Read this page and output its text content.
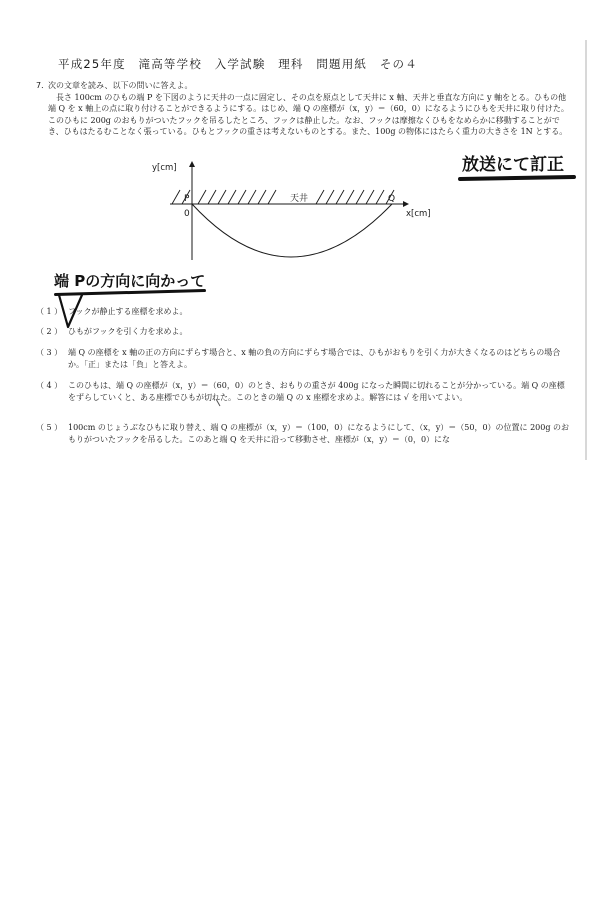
平成25年度　滝高等学校　入学試験　理科　問題用紙　その４
7．
次の文章を読み、以下の問いに答えよ。
長さ 100cm のひもの端 P を下図のように天井の一点に固定し、その点を原点として天井に x 軸、天井と垂直な方向に y 軸をとる。ひもの他端 Q を x 軸上の点に取り付けることができるようにする。はじめ、端 Q の座標が（x，y）＝（60，0）になるようにひもを天井に取り付けた。このひもに 200g のおもりがついたフックを吊るしたところ、フックは静止した。なお、フックは摩擦なくひもをなめらかに移動することができ、ひもはたるむことなく張っている。ひもとフックの重さは考えないものとする。また、100g の物体にはたらく重力の大きさを 1N とする。
y[cm]
x[cm]
天井
P	Q
0
放送にて訂正
端 Pの方向に向かって
（ 1 ） フックが静止する座標を求めよ。
（ 2 ） ひもがフックを引く力を求めよ。
（ 3 ） 端 Q の座標を x 軸の正の方向にずらす場合と、x 軸の負の方向にずらす場合では、ひもがおもりを引く力が大きくなるのはどちらの場合か。「正」または「負」と答えよ。
（ 4 ） このひもは、端 Q の座標が（x，y）＝（60，0）のとき、おもりの重さが 400g になった瞬間に切れることが分かっている。端 Q の座標をずらしていくと、ある座標でひもが切れた。このときの端 Q の x 座標を求めよ。解答には √ を用いてよい。
（ 5 ） 100cm のじょうぶなひもに取り替え、端 Q の座標が（x，y）＝（100，0）になるようにして、（x，y）＝（50，0）の位置に 200g のおもりがついたフックを吊るした。このあと端 Q を天井に沿って移動させ、座標が（x，y）＝（0，0）にな
